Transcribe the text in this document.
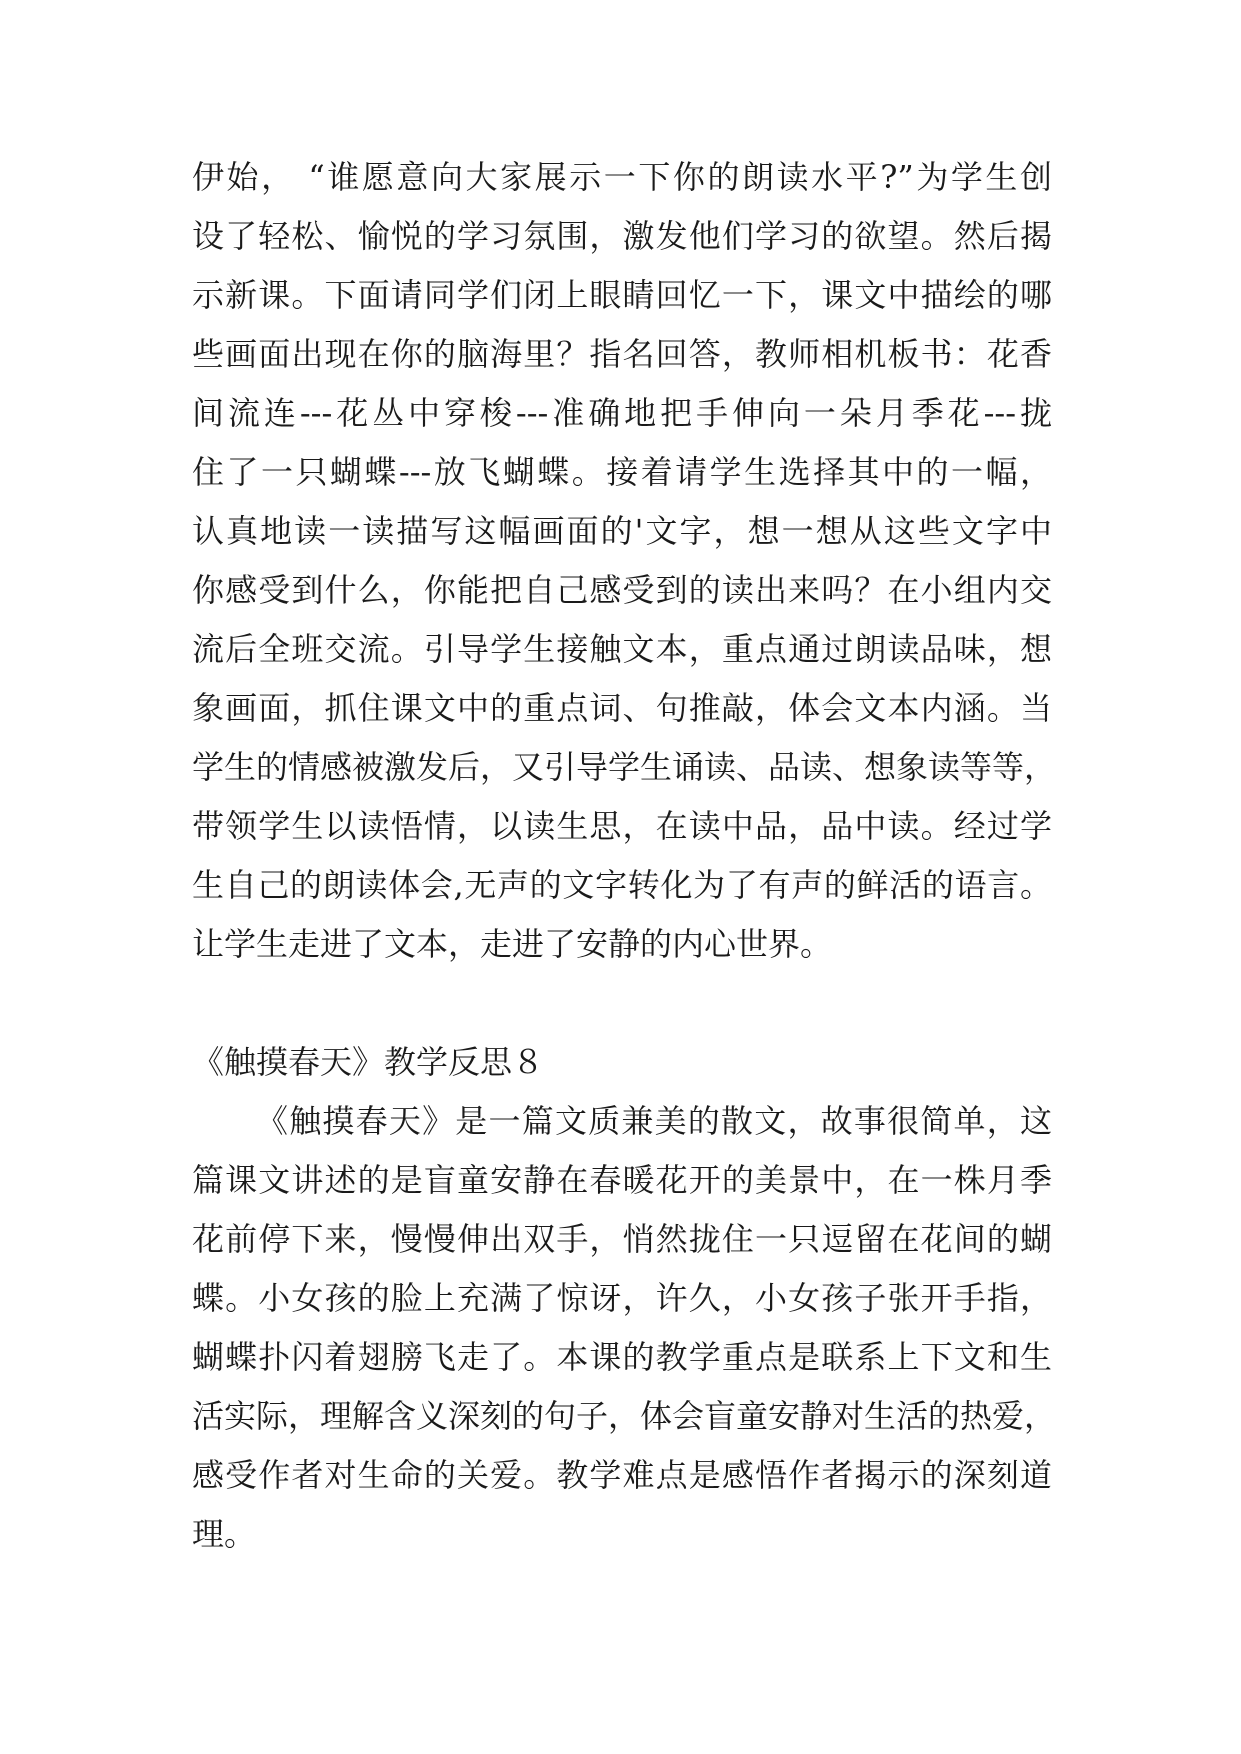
伊始， “谁愿意向大家展示一下你的朗读水平?”为学生创
设了轻松、愉悦的学习氛围，激发他们学习的欲望。然后揭
示新课。下面请同学们闭上眼睛回忆一下，课文中描绘的哪
些画面出现在你的脑海里？指名回答，教师相机板书：花香
间流连---花丛中穿梭---准确地把手伸向一朵月季花---拢
住了一只蝴蝶---放飞蝴蝶。接着请学生选择其中的一幅，
认真地读一读描写这幅画面的'文字，想一想从这些文字中
你感受到什么，你能把自己感受到的读出来吗？在小组内交
流后全班交流。引导学生接触文本，重点通过朗读品味，想
象画面，抓住课文中的重点词、句推敲，体会文本内涵。当
学生的情感被激发后，又引导学生诵读、品读、想象读等等，
带领学生以读悟情，以读生思，在读中品，品中读。经过学
生自己的朗读体会,无声的文字转化为了有声的鲜活的语言。
让学生走进了文本，走进了安静的内心世界。
《触摸春天》教学反思８
《触摸春天》是一篇文质兼美的散文，故事很简单，这
篇课文讲述的是盲童安静在春暖花开的美景中，在一株月季
花前停下来，慢慢伸出双手，悄然拢住一只逗留在花间的蝴
蝶。小女孩的脸上充满了惊讶，许久，小女孩子张开手指，
蝴蝶扑闪着翅膀飞走了。本课的教学重点是联系上下文和生
活实际，理解含义深刻的句子，体会盲童安静对生活的热爱，
感受作者对生命的关爱。教学难点是感悟作者揭示的深刻道
理。
